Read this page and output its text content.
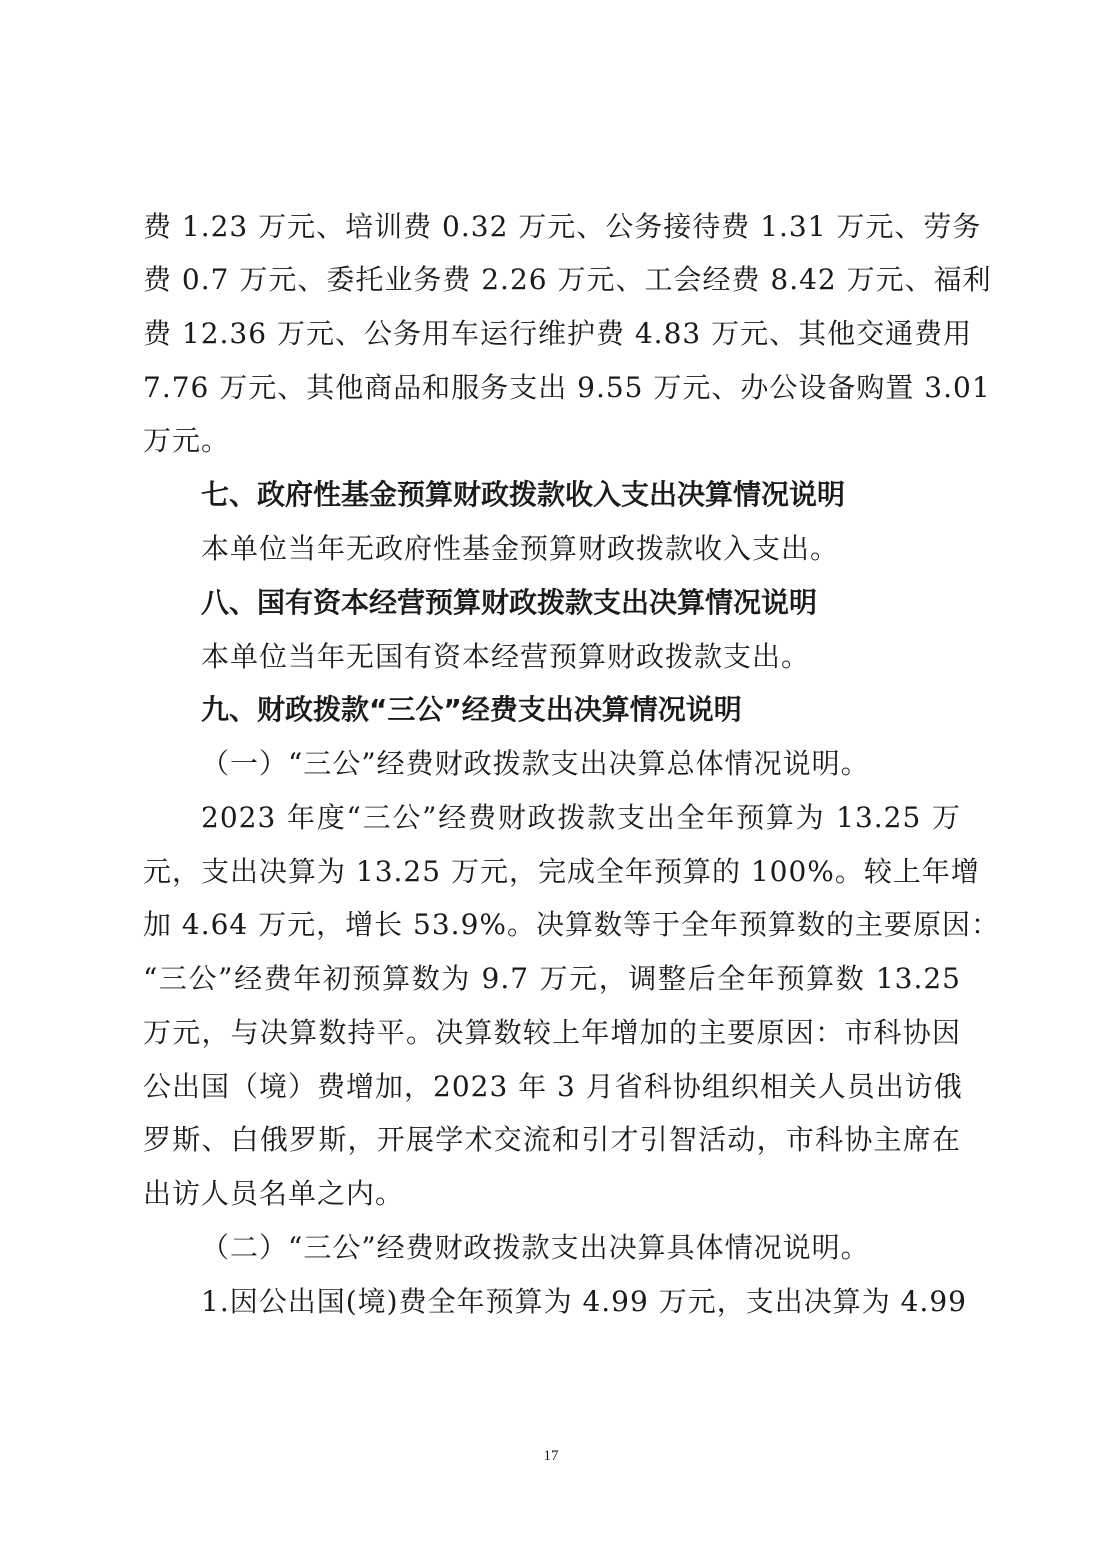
费 1.23 万元、培训费 0.32 万元、公务接待费 1.31 万元、劳务
费 0.7 万元、委托业务费 2.26 万元、工会经费 8.42 万元、福利
费 12.36 万元、公务用车运行维护费 4.83 万元、其他交通费用
7.76 万元、其他商品和服务支出 9.55 万元、办公设备购置 3.01
万元。
七、政府性基金预算财政拨款收入支出决算情况说明
本单位当年无政府性基金预算财政拨款收入支出。
八、国有资本经营预算财政拨款支出决算情况说明
本单位当年无国有资本经营预算财政拨款支出。
九、财政拨款“三公”经费支出决算情况说明
（一）“三公”经费财政拨款支出决算总体情况说明。
2023 年度“三公”经费财政拨款支出全年预算为 13.25 万
元，支出决算为 13.25 万元，完成全年预算的 100%。较上年增
加 4.64 万元，增长 53.9%。决算数等于全年预算数的主要原因：
“三公”经费年初预算数为 9.7 万元，调整后全年预算数 13.25
万元，与决算数持平。决算数较上年增加的主要原因：市科协因
公出国（境）费增加，2023 年 3 月省科协组织相关人员出访俄
罗斯、白俄罗斯，开展学术交流和引才引智活动，市科协主席在
出访人员名单之内。
（二）“三公”经费财政拨款支出决算具体情况说明。
1.因公出国(境)费全年预算为 4.99 万元，支出决算为 4.99
17
